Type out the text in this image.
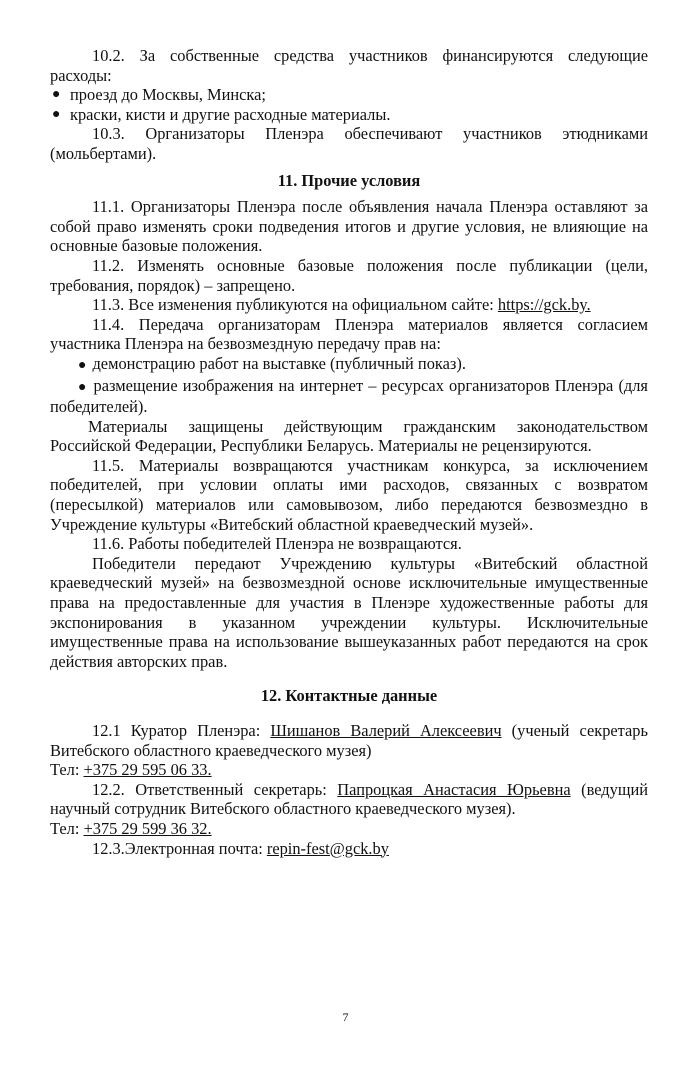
10.2. За собственные средства участников финансируются следующие расходы:

● проезд до Москвы, Минска;

● краски, кисти и другие расходные материалы.

10.3. Организаторы Пленэра обеспечивают участников этюдниками (мольбертами).

11. Прочие условия

11.1. Организаторы Пленэра после объявления начала Пленэра оставляют за собой право изменять сроки подведения итогов и другие условия, не влияющие на основные базовые положения.

11.2. Изменять основные базовые положения после публикации (цели, требования, порядок) – запрещено.

11.3. Все изменения публикуются на официальном сайте: https://gck.by.

11.4. Передача организаторам Пленэра материалов является согласием участника Пленэра на безвозмездную передачу прав на:

● демонстрацию работ на выставке (публичный показ).

● размещение изображения на интернет – ресурсах организаторов Пленэра (для победителей).

Материалы защищены действующим гражданским законодательством Российской Федерации, Республики Беларусь. Материалы не рецензируются.

11.5. Материалы возвращаются участникам конкурса, за исключением победителей, при условии оплаты ими расходов, связанных с возвратом (пересылкой) материалов или самовывозом, либо передаются безвозмездно в Учреждение культуры «Витебский областной краеведческий музей».

11.6. Работы победителей Пленэра не возвращаются.

Победители передают Учреждению культуры «Витебский областной краеведческий музей» на безвозмездной основе исключительные имущественные права на предоставленные для участия в Пленэре художественные работы для экспонирования в указанном учреждении культуры. Исключительные имущественные права на использование вышеуказанных работ передаются на срок действия авторских прав.

12. Контактные данные

12.1 Куратор Пленэра: Шишанов Валерий Алексеевич (ученый секретарь Витебского областного краеведческого музея)

Тел: +375 29 595 06 33.

12.2. Ответственный секретарь: Папроцкая Анастасия Юрьевна (ведущий научный сотрудник Витебского областного краеведческого музея).

Тел: +375 29 599 36 32.

12.3.Электронная почта: repin-fest@gck.by

7
